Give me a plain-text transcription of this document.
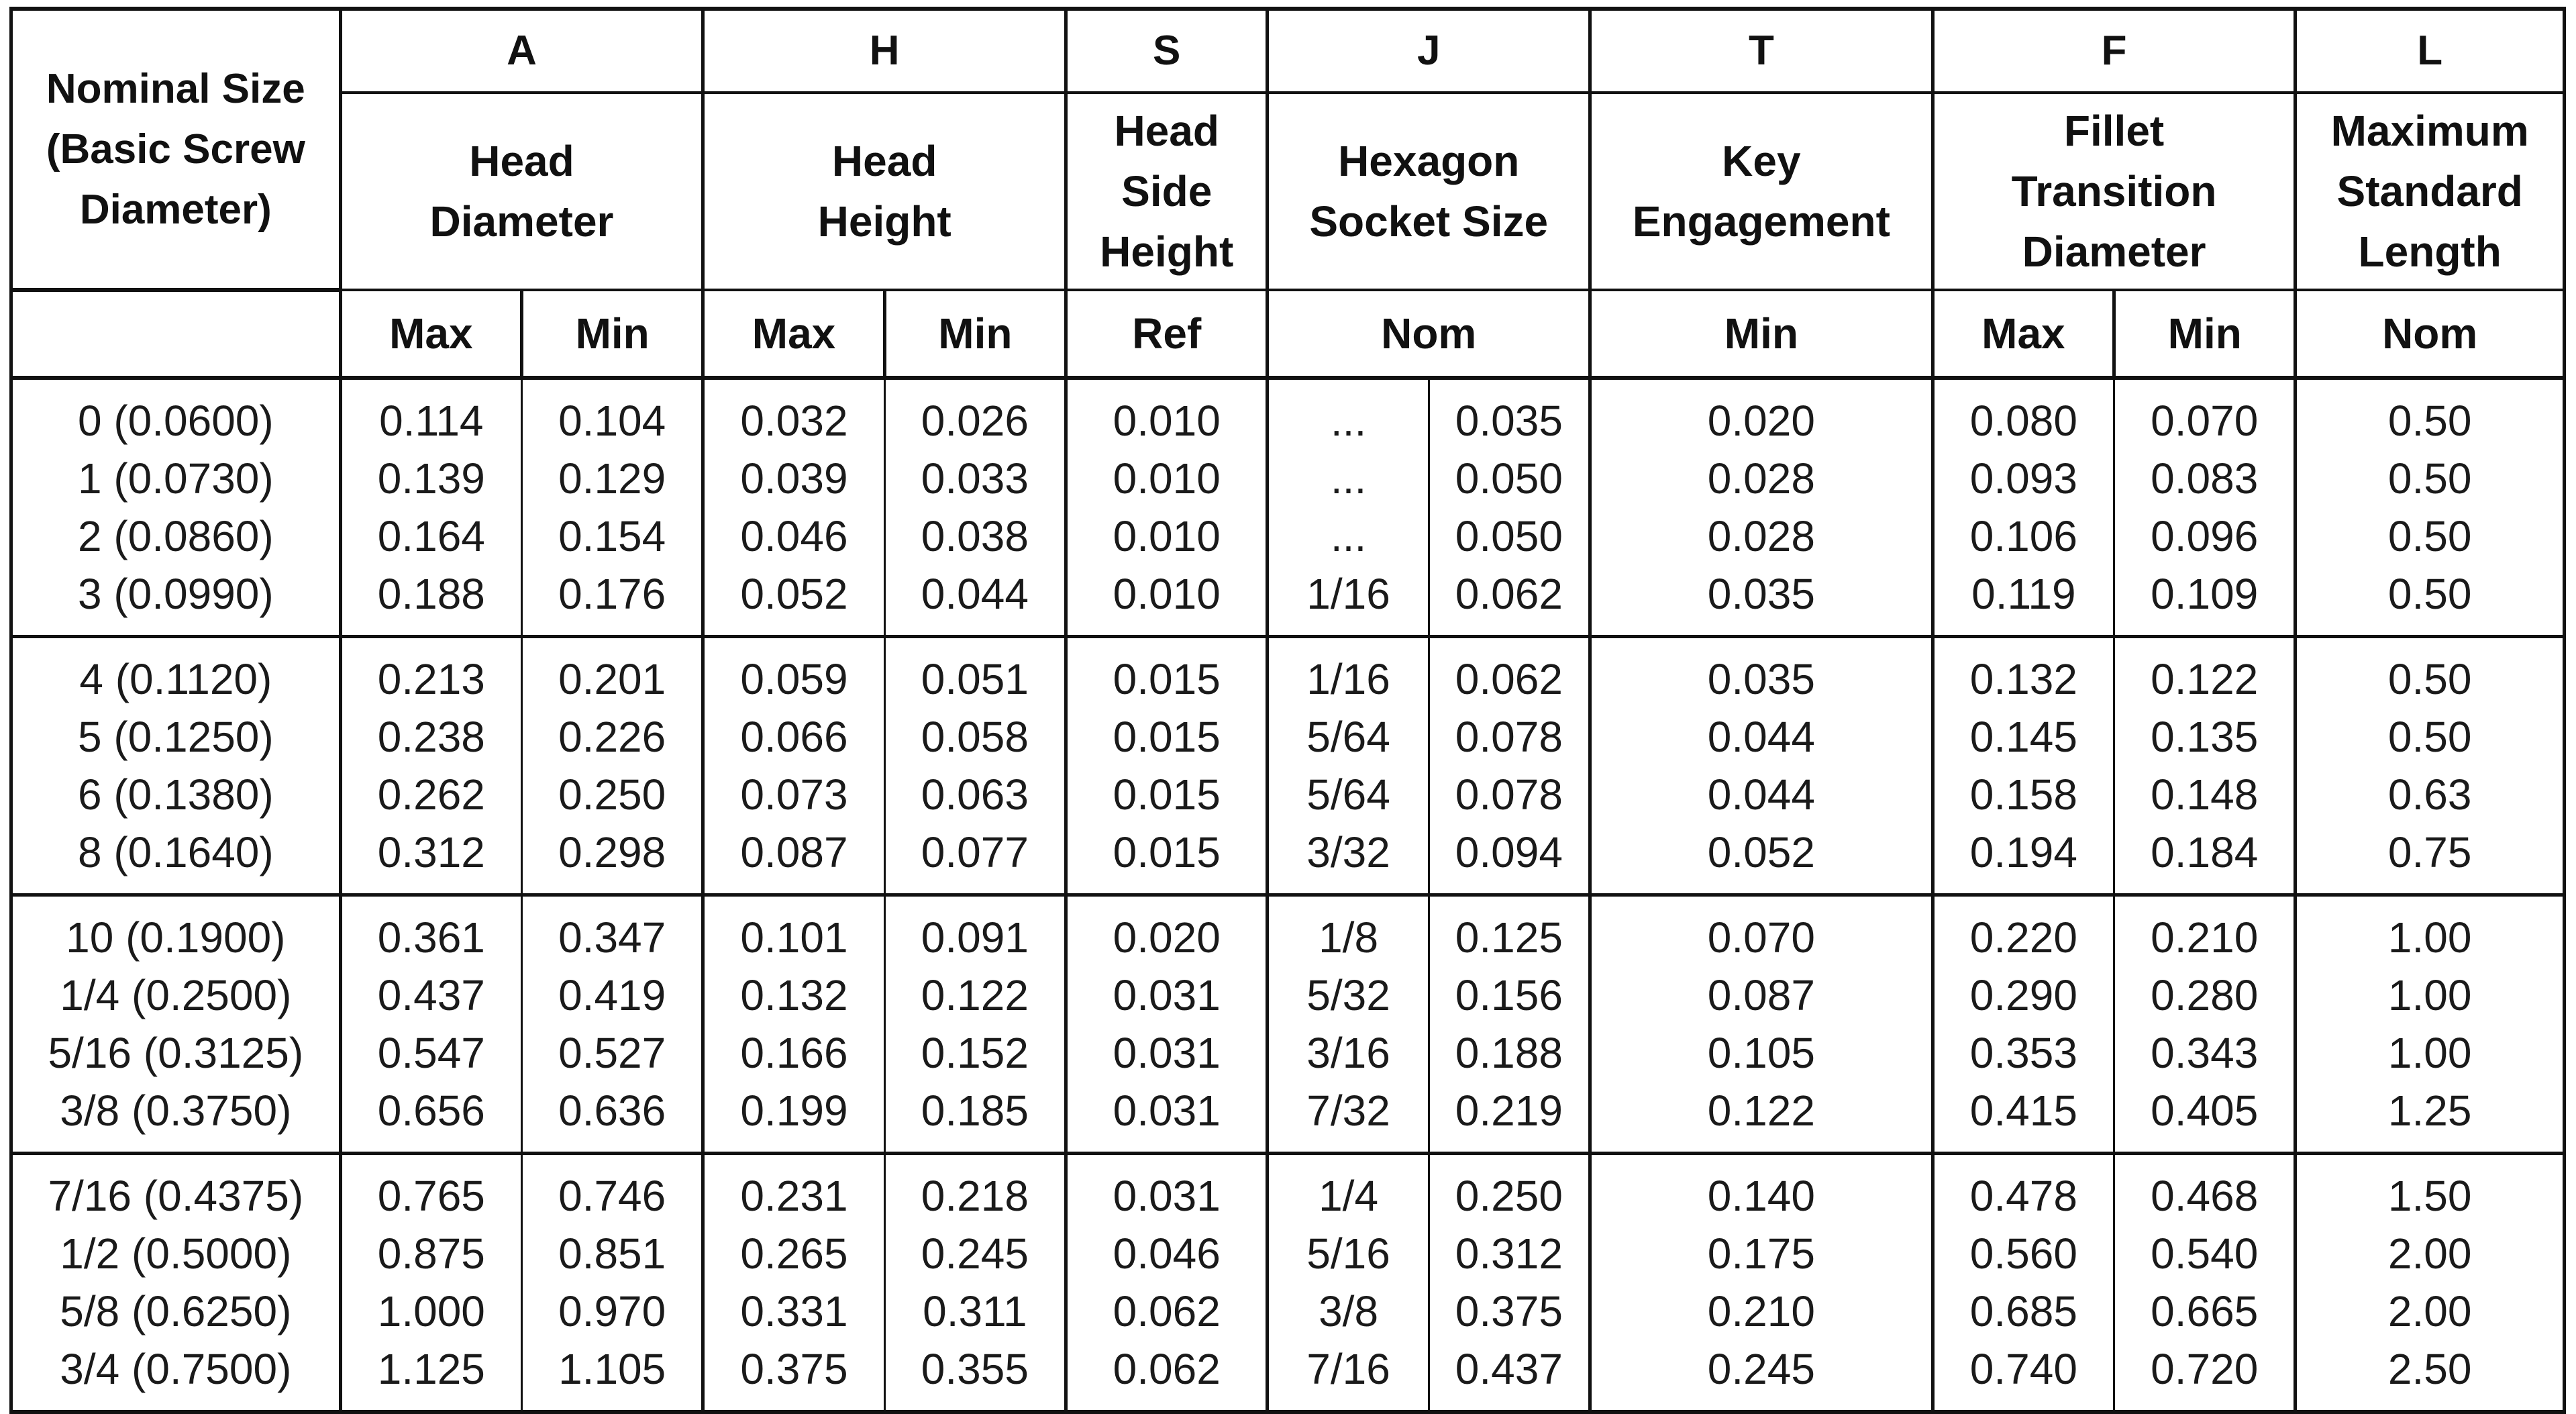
Nominal Size (Basic Screw Diameter)	A		H		S	J		T	F		L
	Head Diameter		Head Height		Head Side Height	Hexagon Socket Size		Key Engagement	Fillet Transition Diameter		Maximum Standard Length
	Max	Min	Max	Min	Ref	Nom		Min	Max	Min	Nom
0 (0.0600)	0.114	0.104	0.032	0.026	0.010	...	0.035	0.020	0.080	0.070	0.50
1 (0.0730)	0.139	0.129	0.039	0.033	0.010	...	0.050	0.028	0.093	0.083	0.50
2 (0.0860)	0.164	0.154	0.046	0.038	0.010	...	0.050	0.028	0.106	0.096	0.50
3 (0.0990)	0.188	0.176	0.052	0.044	0.010	1/16	0.062	0.035	0.119	0.109	0.50
4 (0.1120)	0.213	0.201	0.059	0.051	0.015	1/16	0.062	0.035	0.132	0.122	0.50
5 (0.1250)	0.238	0.226	0.066	0.058	0.015	5/64	0.078	0.044	0.145	0.135	0.50
6 (0.1380)	0.262	0.250	0.073	0.063	0.015	5/64	0.078	0.044	0.158	0.148	0.63
8 (0.1640)	0.312	0.298	0.087	0.077	0.015	3/32	0.094	0.052	0.194	0.184	0.75
10 (0.1900)	0.361	0.347	0.101	0.091	0.020	1/8	0.125	0.070	0.220	0.210	1.00
1/4 (0.2500)	0.437	0.419	0.132	0.122	0.031	5/32	0.156	0.087	0.290	0.280	1.00
5/16 (0.3125)	0.547	0.527	0.166	0.152	0.031	3/16	0.188	0.105	0.353	0.343	1.00
3/8 (0.3750)	0.656	0.636	0.199	0.185	0.031	7/32	0.219	0.122	0.415	0.405	1.25
7/16 (0.4375)	0.765	0.746	0.231	0.218	0.031	1/4	0.250	0.140	0.478	0.468	1.50
1/2 (0.5000)	0.875	0.851	0.265	0.245	0.046	5/16	0.312	0.175	0.560	0.540	2.00
5/8 (0.6250)	1.000	0.970	0.331	0.311	0.062	3/8	0.375	0.210	0.685	0.665	2.00
3/4 (0.7500)	1.125	1.105	0.375	0.355	0.062	7/16	0.437	0.245	0.740	0.720	2.50
